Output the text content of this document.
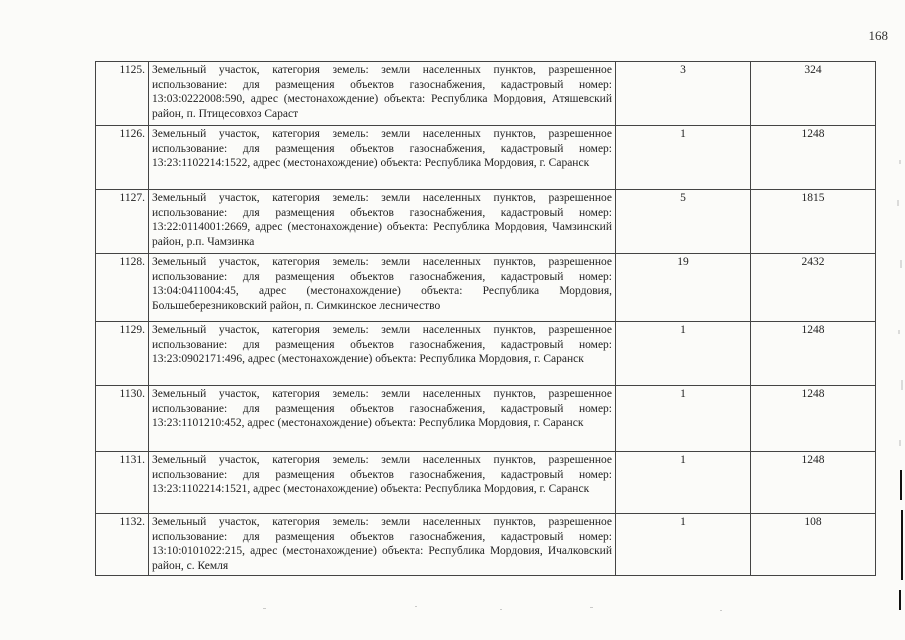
168
1125.	Земельный участок, категория земель: земли населенных пунктов, разрешенное использование: для размещения объектов газоснабжения, кадастровый номер: 13:03:0222008:590, адрес (местонахождение) объекта: Республика Мордовия, Атяшевский район, п. Птицесовхоз Сараст	3	324
1126.	Земельный участок, категория земель: земли населенных пунктов, разрешенное использование: для размещения объектов газоснабжения, кадастровый номер: 13:23:1102214:1522, адрес (местонахождение) объекта: Республика Мордовия, г. Саранск	1	1248
1127.	Земельный участок, категория земель: земли населенных пунктов, разрешенное использование: для размещения объектов газоснабжения, кадастровый номер: 13:22:0114001:2669, адрес (местонахождение) объекта: Республика Мордовия, Чамзинский район, р.п. Чамзинка	5	1815
1128.	Земельный участок, категория земель: земли населенных пунктов, разрешенное использование: для размещения объектов газоснабжения, кадастровый номер: 13:04:0411004:45, адрес (местонахождение) объекта: Республика Мордовия, Большеберезниковский район, п. Симкинское лесничество	19	2432
1129.	Земельный участок, категория земель: земли населенных пунктов, разрешенное использование: для размещения объектов газоснабжения, кадастровый номер: 13:23:0902171:496, адрес (местонахождение) объекта: Республика Мордовия, г. Саранск	1	1248
1130.	Земельный участок, категория земель: земли населенных пунктов, разрешенное использование: для размещения объектов газоснабжения, кадастровый номер: 13:23:1101210:452, адрес (местонахождение) объекта: Республика Мордовия, г. Саранск	1	1248
1131.	Земельный участок, категория земель: земли населенных пунктов, разрешенное использование: для размещения объектов газоснабжения, кадастровый номер: 13:23:1102214:1521, адрес (местонахождение) объекта: Республика Мордовия, г. Саранск	1	1248
1132.	Земельный участок, категория земель: земли населенных пунктов, разрешенное использование: для размещения объектов газоснабжения, кадастровый номер: 13:10:0101022:215, адрес (местонахождение) объекта: Республика Мордовия, Ичалковский район, с. Кемля	1	108
